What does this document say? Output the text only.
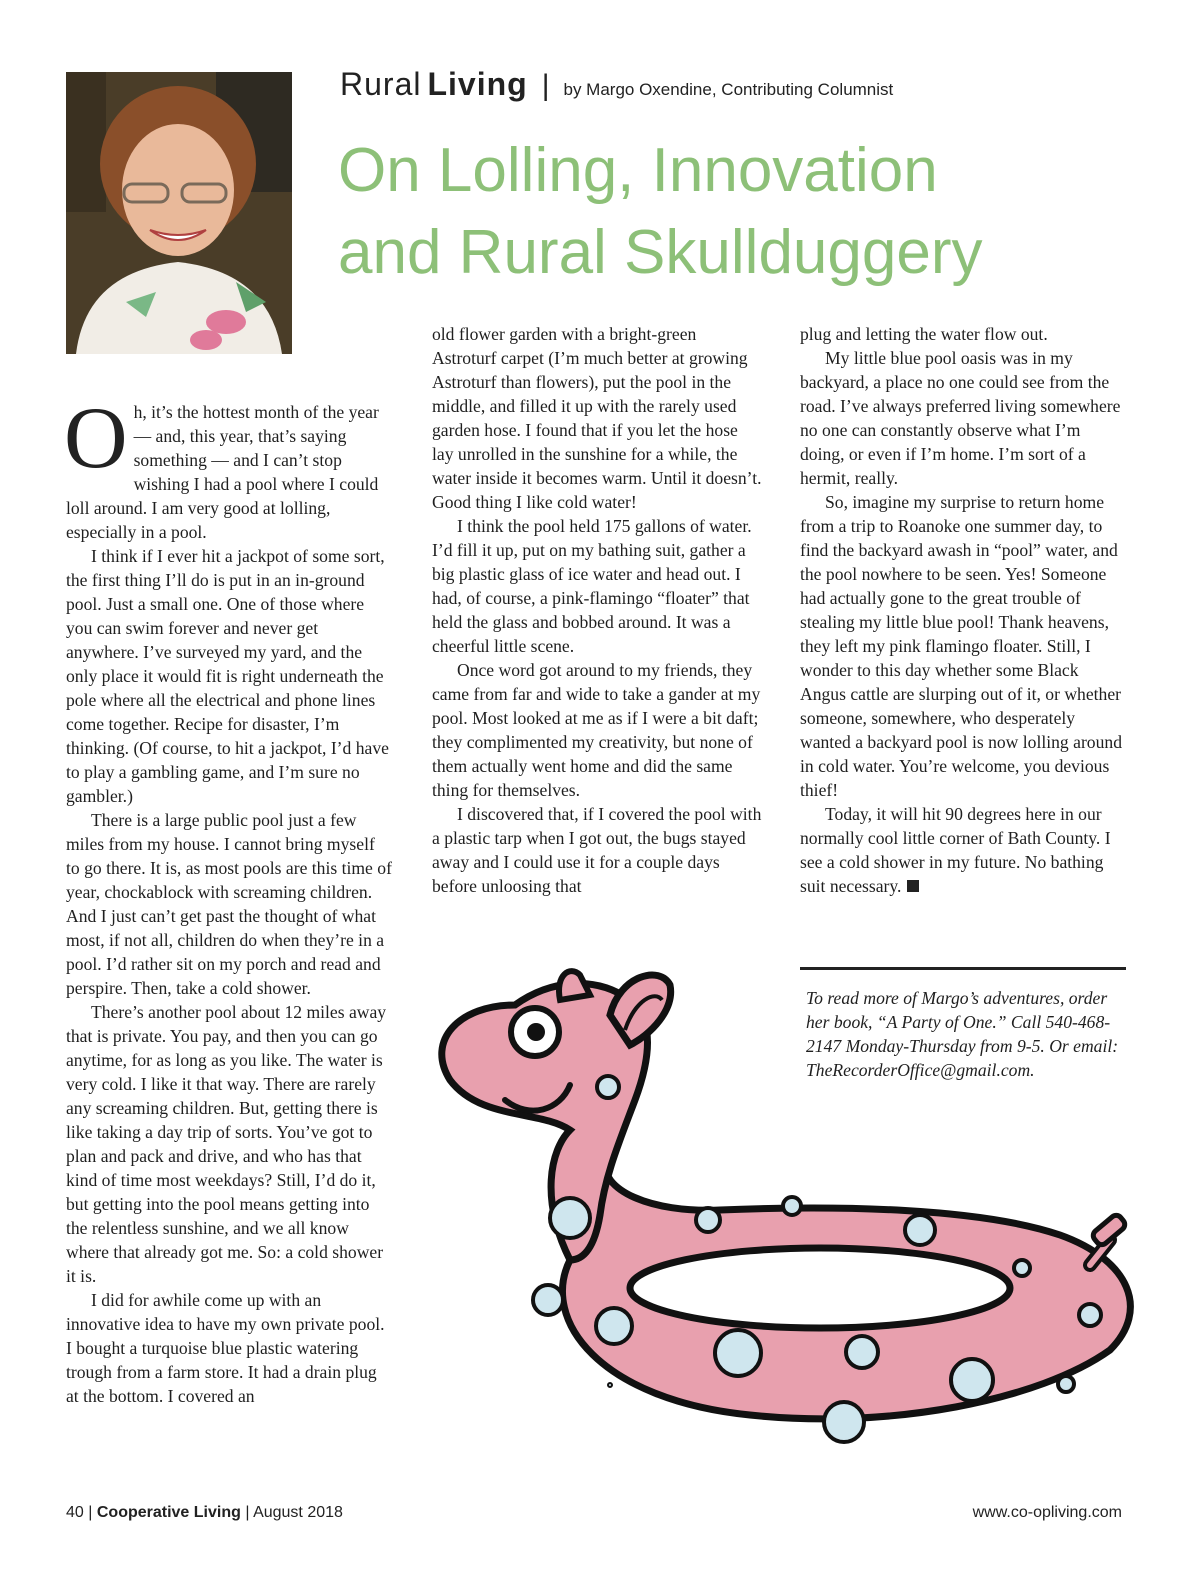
Rural Living | by Margo Oxendine, Contributing Columnist
On Lolling, Innovation
and Rural Skullduggery

Oh, it’s the hottest month of the year — and, this year, that’s saying something — and I can’t stop wishing I had a pool where I could loll around. I am very good at lolling, especially in a pool.

I think if I ever hit a jackpot of some sort, the first thing I’ll do is put in an in-ground pool. Just a small one. One of those where you can swim forever and never get anywhere. I’ve surveyed my yard, and the only place it would fit is right underneath the pole where all the electrical and phone lines come together. Recipe for disaster, I’m thinking. (Of course, to hit a jackpot, I’d have to play a gambling game, and I’m sure no gambler.)

There is a large public pool just a few miles from my house. I cannot bring myself to go there. It is, as most pools are this time of year, chockablock with screaming children. And I just can’t get past the thought of what most, if not all, children do when they’re in a pool. I’d rather sit on my porch and read and perspire. Then, take a cold shower.

There’s another pool about 12 miles away that is private. You pay, and then you can go anytime, for as long as you like. The water is very cold. I like it that way. There are rarely any screaming children. But, getting there is like taking a day trip of sorts. You’ve got to plan and pack and drive, and who has that kind of time most weekdays? Still, I’d do it, but getting into the pool means getting into the relentless sunshine, and we all know where that already got me. So: a cold shower it is.

I did for awhile come up with an innovative idea to have my own private pool. I bought a turquoise blue plastic watering trough from a farm store. It had a drain plug at the bottom. I covered an

old flower garden with a bright-green Astroturf carpet (I’m much better at growing Astroturf than flowers), put the pool in the middle, and filled it up with the rarely used garden hose. I found that if you let the hose lay unrolled in the sunshine for a while, the water inside it becomes warm. Until it doesn’t. Good thing I like cold water!

I think the pool held 175 gallons of water. I’d fill it up, put on my bathing suit, gather a big plastic glass of ice water and head out. I had, of course, a pink-flamingo “floater” that held the glass and bobbed around. It was a cheerful little scene.

Once word got around to my friends, they came from far and wide to take a gander at my pool. Most looked at me as if I were a bit daft; they complimented my creativity, but none of them actually went home and did the same thing for themselves.

I discovered that, if I covered the pool with a plastic tarp when I got out, the bugs stayed away and I could use it for a couple days before unloosing that

plug and letting the water flow out.

My little blue pool oasis was in my backyard, a place no one could see from the road. I’ve always preferred living somewhere no one can constantly observe what I’m doing, or even if I’m home. I’m sort of a hermit, really.

So, imagine my surprise to return home from a trip to Roanoke one summer day, to find the backyard awash in “pool” water, and the pool nowhere to be seen. Yes! Someone had actually gone to the great trouble of stealing my little blue pool! Thank heavens, they left my pink flamingo floater. Still, I wonder to this day whether some Black Angus cattle are slurping out of it, or whether someone, somewhere, who desperately wanted a backyard pool is now lolling around in cold water. You’re welcome, you devious thief!

Today, it will hit 90 degrees here in our normally cool little corner of Bath County. I see a cold shower in my future. No bathing suit necessary.

To read more of Margo’s adventures, order her book, “A Party of One.” Call 540-468-2147 Monday-Thursday from 9-5. Or email: TheRecorderOffice@gmail.com.

40 | Cooperative Living | August 2018	www.co-opliving.com
